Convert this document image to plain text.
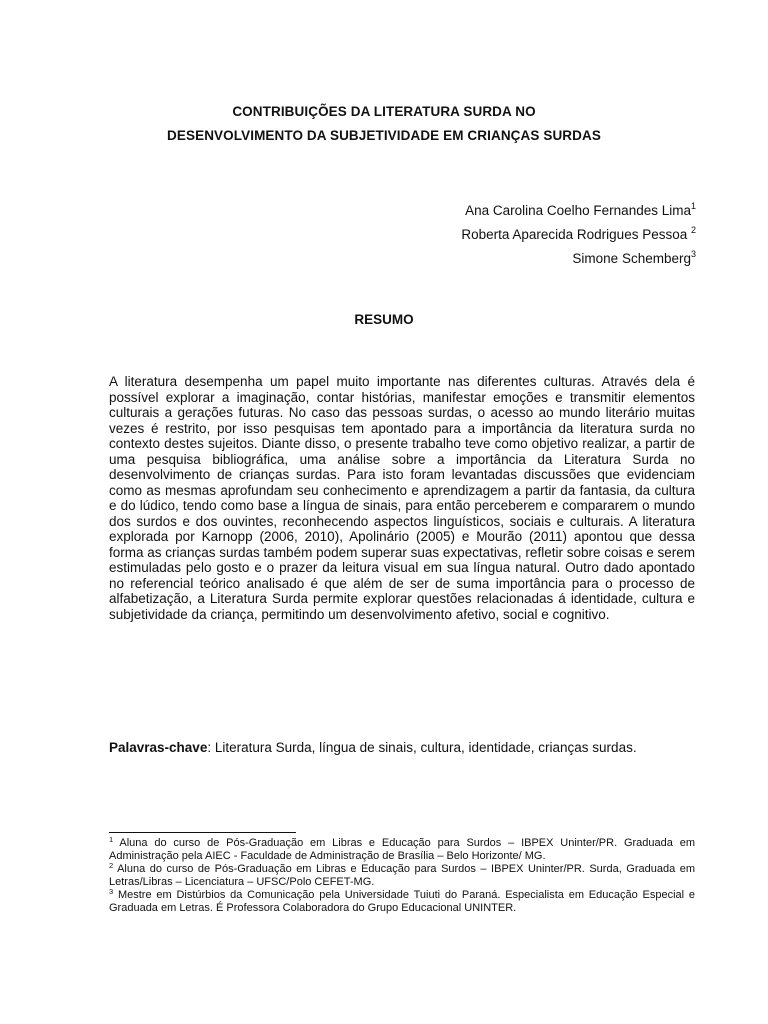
CONTRIBUIÇÕES DA LITERATURA SURDA NO
DESENVOLVIMENTO DA SUBJETIVIDADE EM CRIANÇAS SURDAS
Ana Carolina Coelho Fernandes Lima$^1$
Roberta Aparecida Rodrigues Pessoa $^2$
Simone Schemberg$^3$
RESUMO

A literatura desempenha um papel muito importante nas diferentes culturas. Através dela é possível explorar a imaginação, contar histórias, manifestar emoções e transmitir elementos culturais a gerações futuras. No caso das pessoas surdas, o acesso ao mundo literário muitas vezes é restrito, por isso pesquisas tem apontado para a importância da literatura surda no contexto destes sujeitos. Diante disso, o presente trabalho teve como objetivo realizar, a partir de uma pesquisa bibliográfica, uma análise sobre a importância da Literatura Surda no desenvolvimento de crianças surdas. Para isto foram levantadas discussões que evidenciam como as mesmas aprofundam seu conhecimento e aprendizagem a partir da fantasia, da cultura e do lúdico, tendo como base a língua de sinais, para então perceberem e compararem o mundo dos surdos e dos ouvintes, reconhecendo aspectos linguísticos, sociais e culturais. A literatura explorada por Karnopp (2006, 2010), Apolinário (2005) e Mourão (2011) apontou que dessa forma as crianças surdas também podem superar suas expectativas, refletir sobre coisas e serem estimuladas pelo gosto e o prazer da leitura visual em sua língua natural. Outro dado apontado no referencial teórico analisado é que além de ser de suma importância para o processo de alfabetização, a Literatura Surda permite explorar questões relacionadas á identidade, cultura e subjetividade da criança, permitindo um desenvolvimento afetivo, social e cognitivo.

Palavras-chave: Literatura Surda, língua de sinais, cultura, identidade, crianças surdas.

$^1$ Aluna do curso de Pós-Graduação em Libras e Educação para Surdos – IBPEX Uninter/PR. Graduada em Administração pela AIEC - Faculdade de Administração de Brasília – Belo Horizonte/ MG.

$^2$ Aluna do curso de Pós-Graduação em Libras e Educação para Surdos – IBPEX Uninter/PR. Surda, Graduada em Letras/Libras – Licenciatura – UFSC/Polo CEFET-MG.

$^3$ Mestre em Distúrbios da Comunicação pela Universidade Tuiuti do Paraná. Especialista em Educação Especial e Graduada em Letras. É Professora Colaboradora do Grupo Educacional UNINTER.
